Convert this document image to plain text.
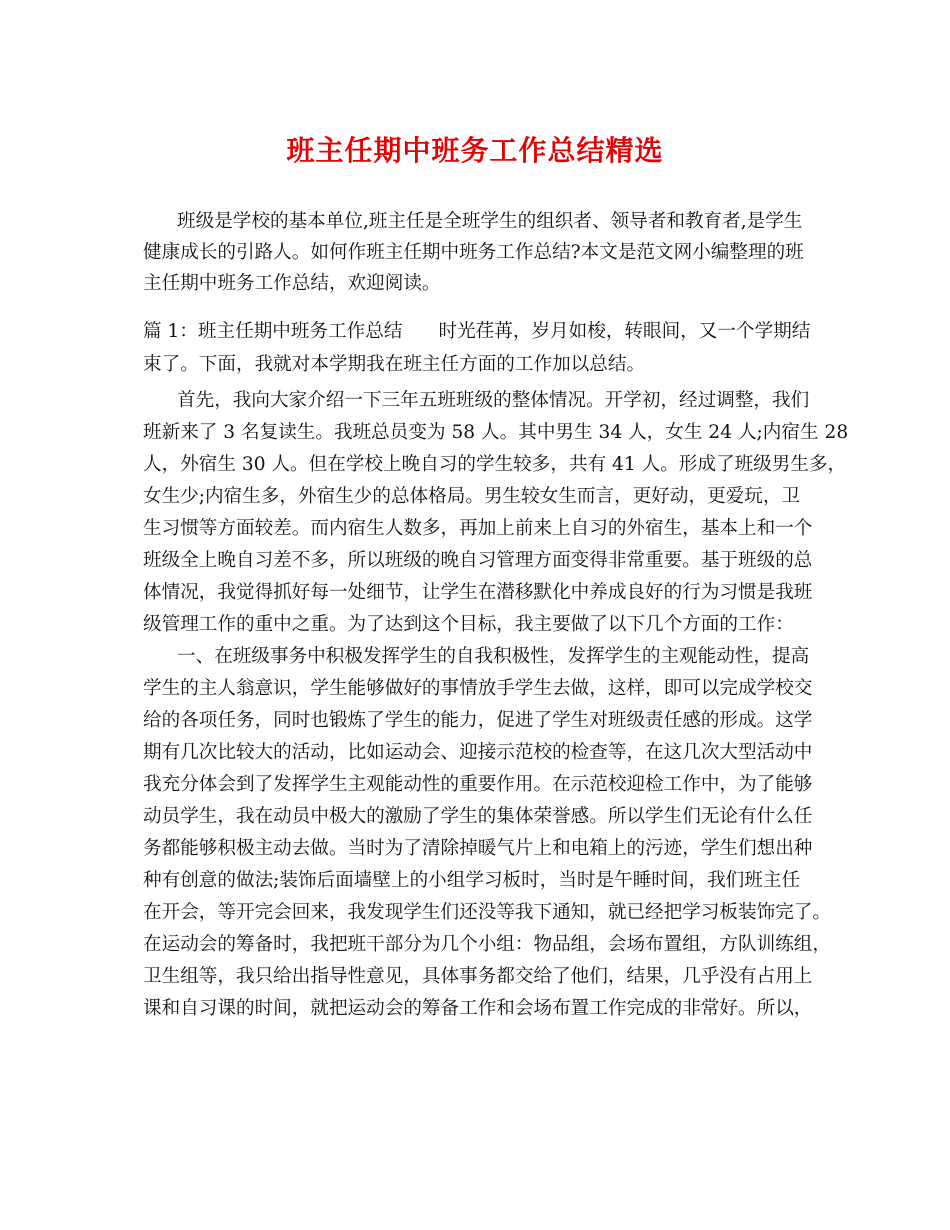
班主任期中班务工作总结精选
班级是学校的基本单位,班主任是全班学生的组织者、领导者和教育者,是学生
健康成长的引路人。如何作班主任期中班务工作总结?本文是范文网小编整理的班
主任期中班务工作总结，欢迎阅读。
篇 1：班主任期中班务工作总结 时光荏苒，岁月如梭，转眼间，又一个学期结
束了。下面，我就对本学期我在班主任方面的工作加以总结。
首先，我向大家介绍一下三年五班班级的整体情况。开学初，经过调整，我们
班新来了 3 名复读生。我班总员变为 58 人。其中男生 34 人，女生 24 人;内宿生 28
人，外宿生 30 人。但在学校上晚自习的学生较多，共有 41 人。形成了班级男生多，
女生少;内宿生多，外宿生少的总体格局。男生较女生而言，更好动，更爱玩，卫
生习惯等方面较差。而内宿生人数多，再加上前来上自习的外宿生，基本上和一个
班级全上晚自习差不多，所以班级的晚自习管理方面变得非常重要。基于班级的总
体情况，我觉得抓好每一处细节，让学生在潜移默化中养成良好的行为习惯是我班
级管理工作的重中之重。为了达到这个目标，我主要做了以下几个方面的工作：
一、在班级事务中积极发挥学生的自我积极性，发挥学生的主观能动性，提高
学生的主人翁意识，学生能够做好的事情放手学生去做，这样，即可以完成学校交
给的各项任务，同时也锻炼了学生的能力，促进了学生对班级责任感的形成。这学
期有几次比较大的活动，比如运动会、迎接示范校的检查等，在这几次大型活动中
我充分体会到了发挥学生主观能动性的重要作用。在示范校迎检工作中，为了能够
动员学生，我在动员中极大的激励了学生的集体荣誉感。所以学生们无论有什么任
务都能够积极主动去做。当时为了清除掉暖气片上和电箱上的污迹，学生们想出种
种有创意的做法;装饰后面墙壁上的小组学习板时，当时是午睡时间，我们班主任
在开会，等开完会回来，我发现学生们还没等我下通知，就已经把学习板装饰完了。
在运动会的筹备时，我把班干部分为几个小组：物品组，会场布置组，方队训练组，
卫生组等，我只给出指导性意见，具体事务都交给了他们，结果，几乎没有占用上
课和自习课的时间，就把运动会的筹备工作和会场布置工作完成的非常好。所以，
